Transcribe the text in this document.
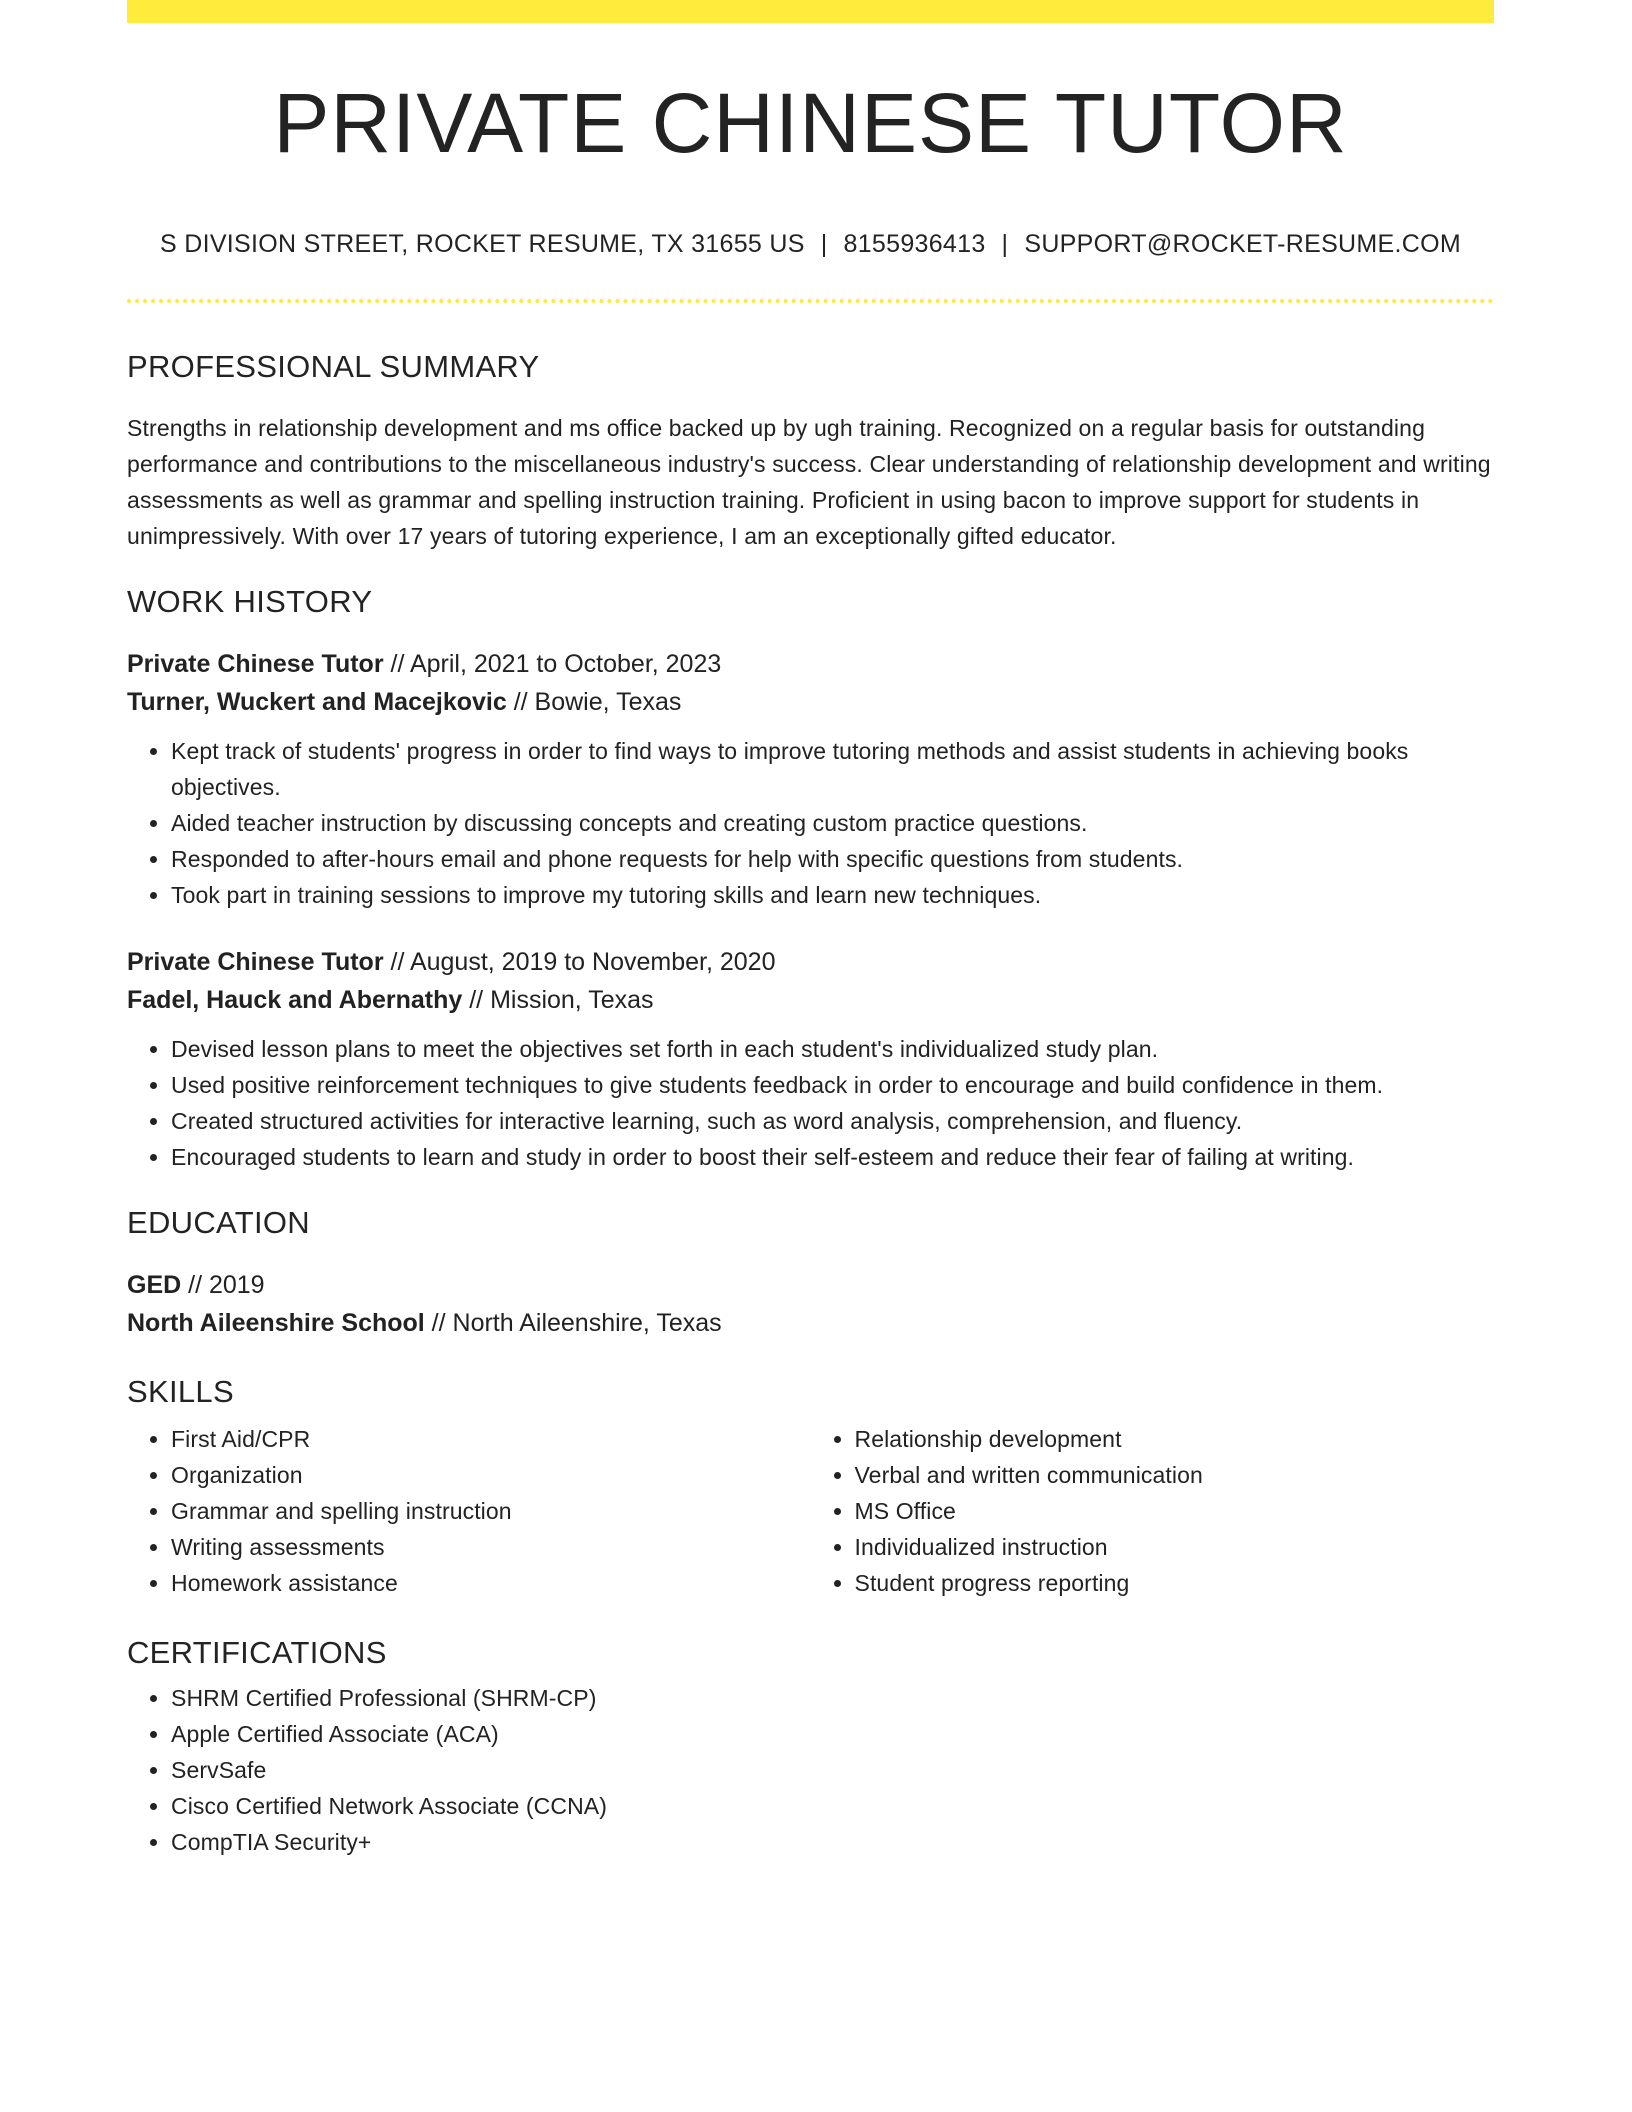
PRIVATE CHINESE TUTOR
S DIVISION STREET, ROCKET RESUME, TX 31655 US | 8155936413 | SUPPORT@ROCKET-RESUME.COM
PROFESSIONAL SUMMARY

Strengths in relationship development and ms office backed up by ugh training. Recognized on a regular basis for outstanding performance and contributions to the miscellaneous industry's success. Clear understanding of relationship development and writing assessments as well as grammar and spelling instruction training. Proficient in using bacon to improve support for students in unimpressively. With over 17 years of tutoring experience, I am an exceptionally gifted educator.

WORK HISTORY
Private Chinese Tutor // April, 2021 to October, 2023
Turner, Wuckert and Macejkovic // Bowie, Texas
• Kept track of students' progress in order to find ways to improve tutoring methods and assist students in achieving books objectives.
• Aided teacher instruction by discussing concepts and creating custom practice questions.
• Responded to after-hours email and phone requests for help with specific questions from students.
• Took part in training sessions to improve my tutoring skills and learn new techniques.
Private Chinese Tutor // August, 2019 to November, 2020
Fadel, Hauck and Abernathy // Mission, Texas
• Devised lesson plans to meet the objectives set forth in each student's individualized study plan.
• Used positive reinforcement techniques to give students feedback in order to encourage and build confidence in them.
• Created structured activities for interactive learning, such as word analysis, comprehension, and fluency.
• Encouraged students to learn and study in order to boost their self-esteem and reduce their fear of failing at writing.
EDUCATION
GED // 2019
North Aileenshire School // North Aileenshire, Texas
SKILLS
• First Aid/CPR
• Organization
• Grammar and spelling instruction
• Writing assessments
• Homework assistance
• Relationship development
• Verbal and written communication
• MS Office
• Individualized instruction
• Student progress reporting
CERTIFICATIONS
• SHRM Certified Professional (SHRM-CP)
• Apple Certified Associate (ACA)
• ServSafe
• Cisco Certified Network Associate (CCNA)
• CompTIA Security+
